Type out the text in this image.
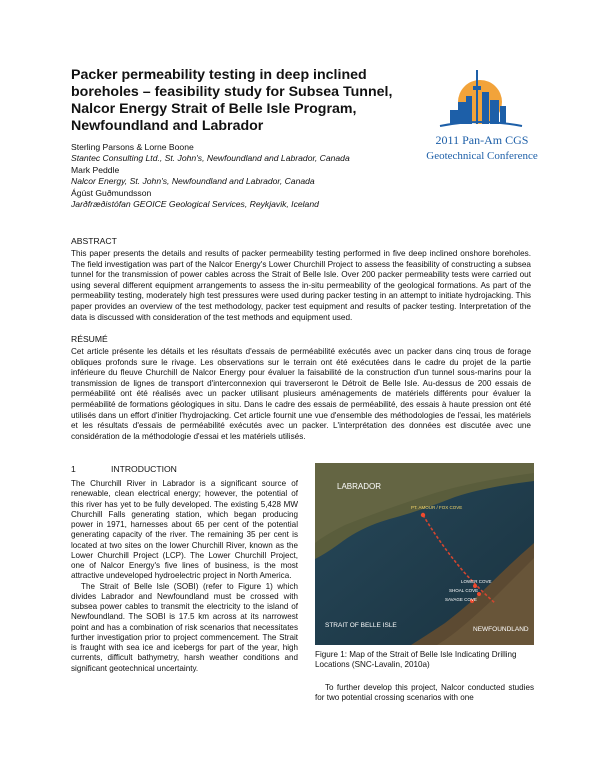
Packer permeability testing in deep inclined boreholes – feasibility study for Subsea Tunnel, Nalcor Energy Strait of Belle Isle Program, Newfoundland and Labrador
2011 Pan-Am CGS
Geotechnical Conference
Sterling Parsons & Lorne Boone
Stantec Consulting Ltd., St. John's, Newfoundland and Labrador, Canada
Mark Peddle
Nalcor Energy, St. John's, Newfoundland and Labrador, Canada
Ágúst Guðmundsson
Jarðfræðistófan GEOICE Geological Services, Reykjavik, Iceland
ABSTRACT

This paper presents the details and results of packer permeability testing performed in five deep inclined onshore boreholes. The field investigation was part of the Nalcor Energy's Lower Churchill Project to assess the feasibility of constructing a subsea tunnel for the transmission of power cables across the Strait of Belle Isle. Over 200 packer permeability tests were carried out using several different equipment arrangements to assess the in-situ permeability of the geological formations. As part of the permeability testing, moderately high test pressures were used during packer testing in an attempt to initiate hydrojacking. This paper provides an overview of the test methodology, packer test equipment and results of packer testing. Interpretation of the data is discussed with consideration of the test methods and equipment used.

RÉSUMÉ

Cet article présente les détails et les résultats d'essais de perméabilité exécutés avec un packer dans cinq trous de forage obliques profonds sure le rivage. Les observations sur le terrain ont été exécutées dans le cadre du projet de la partie inférieure du fleuve Churchill de Nalcor Energy pour évaluer la faisabilité de la construction d'un tunnel sous-marins pour la transmission de lignes de transport d'interconnexion qui traverseront le Détroit de Belle Isle. Au-dessus de 200 essais de perméabilité ont été réalisés avec un packer utilisant plusieurs aménagements de matériels différents pour évaluer la perméabilité de formations géologiques in situ. Dans le cadre des essais de perméabilité, des essais à haute pression ont été utilisés dans un effort d'initier l'hydrojacking. Cet article fournit une vue d'ensemble des méthodologies de l'essai, les matériels et les résultats d'essais de perméabilité exécutés avec un packer. L'interprétation des données est discutée avec une considération de la méthodologie d'essai et les matériels utilisés.

1	INTRODUCTION

The Churchill River in Labrador is a significant source of renewable, clean electrical energy; however, the potential of this river has yet to be fully developed. The existing 5,428 MW Churchill Falls generating station, which began producing power in 1971, harnesses about 65 per cent of the potential generating capacity of the river. The remaining 35 per cent is located at two sites on the lower Churchill River, known as the Lower Churchill Project (LCP). The Lower Churchill Project, one of Nalcor Energy's five lines of business, is the most attractive undeveloped hydroelectric project in North America.

The Strait of Belle Isle (SOBI) (refer to Figure 1) which divides Labrador and Newfoundland must be crossed with subsea power cables to transmit the electricity to the island of Newfoundland. The SOBI is 17.5 km across at its narrowest point and has a combination of risk scenarios that necessitates further investigation prior to project commencement. The Strait is fraught with sea ice and icebergs for part of the year, high currents, difficult bathymetry, harsh weather conditions and significant geotechnical uncertainty.

LABRADOR
PT. AMOUR / FOX COVE
LOWER COVE
SHOAL COVE
SAVAGE COVE
STRAIT OF BELLE ISLE
NEWFOUNDLAND
Figure 1: Map of the Strait of Belle Isle Indicating Drilling Locations (SNC-Lavalin, 2010a)

To further develop this project, Nalcor conducted studies for two potential crossing scenarios with one
